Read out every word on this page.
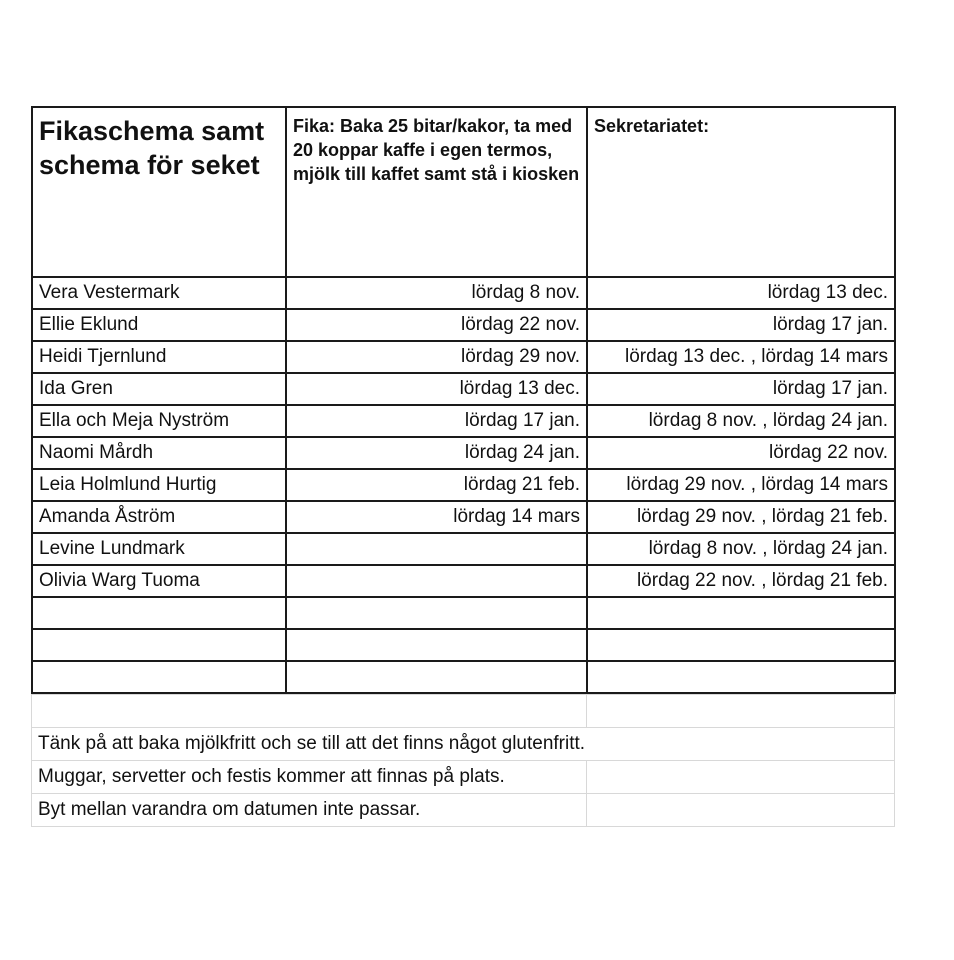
Fikaschema samt schema för seket	Fika: Baka 25 bitar/kakor, ta med 20 koppar kaffe i egen termos, mjölk till kaffet samt stå i kiosken	Sekretariatet:

Vera Vestermark	lördag 8 nov.	lördag 13 dec.
Ellie Eklund	lördag 22 nov.	lördag 17 jan.
Heidi Tjernlund	lördag 29 nov.	lördag 13 dec. , lördag 14 mars
Ida Gren	lördag 13 dec.	lördag 17 jan.
Ella och Meja Nyström	lördag 17 jan.	lördag 8 nov. , lördag 24 jan.
Naomi Mårdh	lördag 24 jan.	lördag 22 nov.
Leia Holmlund Hurtig	lördag 21 feb.	lördag 29 nov. , lördag 14 mars
Amanda Åström	lördag 14 mars	lördag 29 nov. , lördag 21 feb.
Levine Lundmark		lördag 8 nov. , lördag 24 jan.
Olivia Warg Tuoma		lördag 22 nov. , lördag 21 feb.

Tänk på att baka mjölkfritt och se till att det finns något glutenfritt.	
Muggar, servetter och festis kommer att finnas på plats.	
Byt mellan varandra om datumen inte passar.	
